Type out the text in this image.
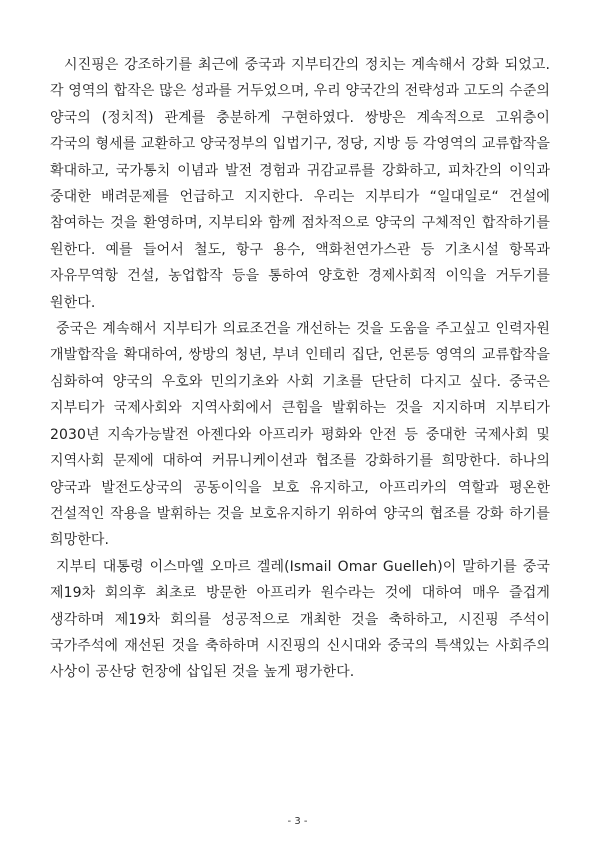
시진핑은 강조하기를 최근에 중국과 지부티간의 정치는 계속해서 강화 되었고. 각 영역의 합작은 많은 성과를 거두었으며, 우리 양국간의 전략성과 고도의 수준의 양국의 (정치적) 관계를 충분하게 구현하였다. 쌍방은 계속적으로 고위층이 각국의 형세를 교환하고 양국정부의 입법기구, 정당, 지방 등 각영역의 교류합작을 확대하고, 국가통치 이념과 발전 경험과 귀감교류를 강화하고, 피차간의 이익과 중대한 배려문제를 언급하고 지지한다. 우리는 지부티가 “일대일로“ 건설에 참여하는 것을 환영하며, 지부티와 함께 점차적으로 양국의 구체적인 합작하기를 원한다. 예를 들어서 철도, 항구 용수, 액화천연가스관 등 기초시설 항목과 자유무역항 건설, 농업합작 등을 통하여 양호한 경제사회적 이익을 거두기를 원한다.

중국은 계속해서 지부티가 의료조건을 개선하는 것을 도움을 주고싶고 인력자원 개발합작을 확대하여, 쌍방의 청년, 부녀 인테리 집단, 언론등 영역의 교류합작을 심화하여 양국의 우호와 민의기초와 사회 기초를 단단히 다지고 싶다. 중국은 지부티가 국제사회와 지역사회에서 큰힘을 발휘하는 것을 지지하며 지부티가 2030년 지속가능발전 아젠다와 아프리카 평화와 안전 등 중대한 국제사회 및 지역사회 문제에 대하여 커뮤니케이션과 협조를 강화하기를 희망한다. 하나의 양국과 발전도상국의 공동이익을 보호 유지하고, 아프리카의 역할과 평온한 건설적인 작용을 발휘하는 것을 보호유지하기 위하여 양국의 협조를 강화 하기를 희망한다.

지부티 대통령 이스마엘 오마르 겔레(Ismail Omar Guelleh)이 말하기를 중국 제19차 회의후 최초로 방문한 아프리카 원수라는 것에 대하여 매우 즐겁게 생각하며 제19차 회의를 성공적으로 개최한 것을 축하하고, 시진핑 주석이 국가주석에 재선된 것을 축하하며 시진핑의 신시대와 중국의 특색있는 사회주의 사상이 공산당 헌장에 삽입된 것을 높게 평가한다.

- 3 -
